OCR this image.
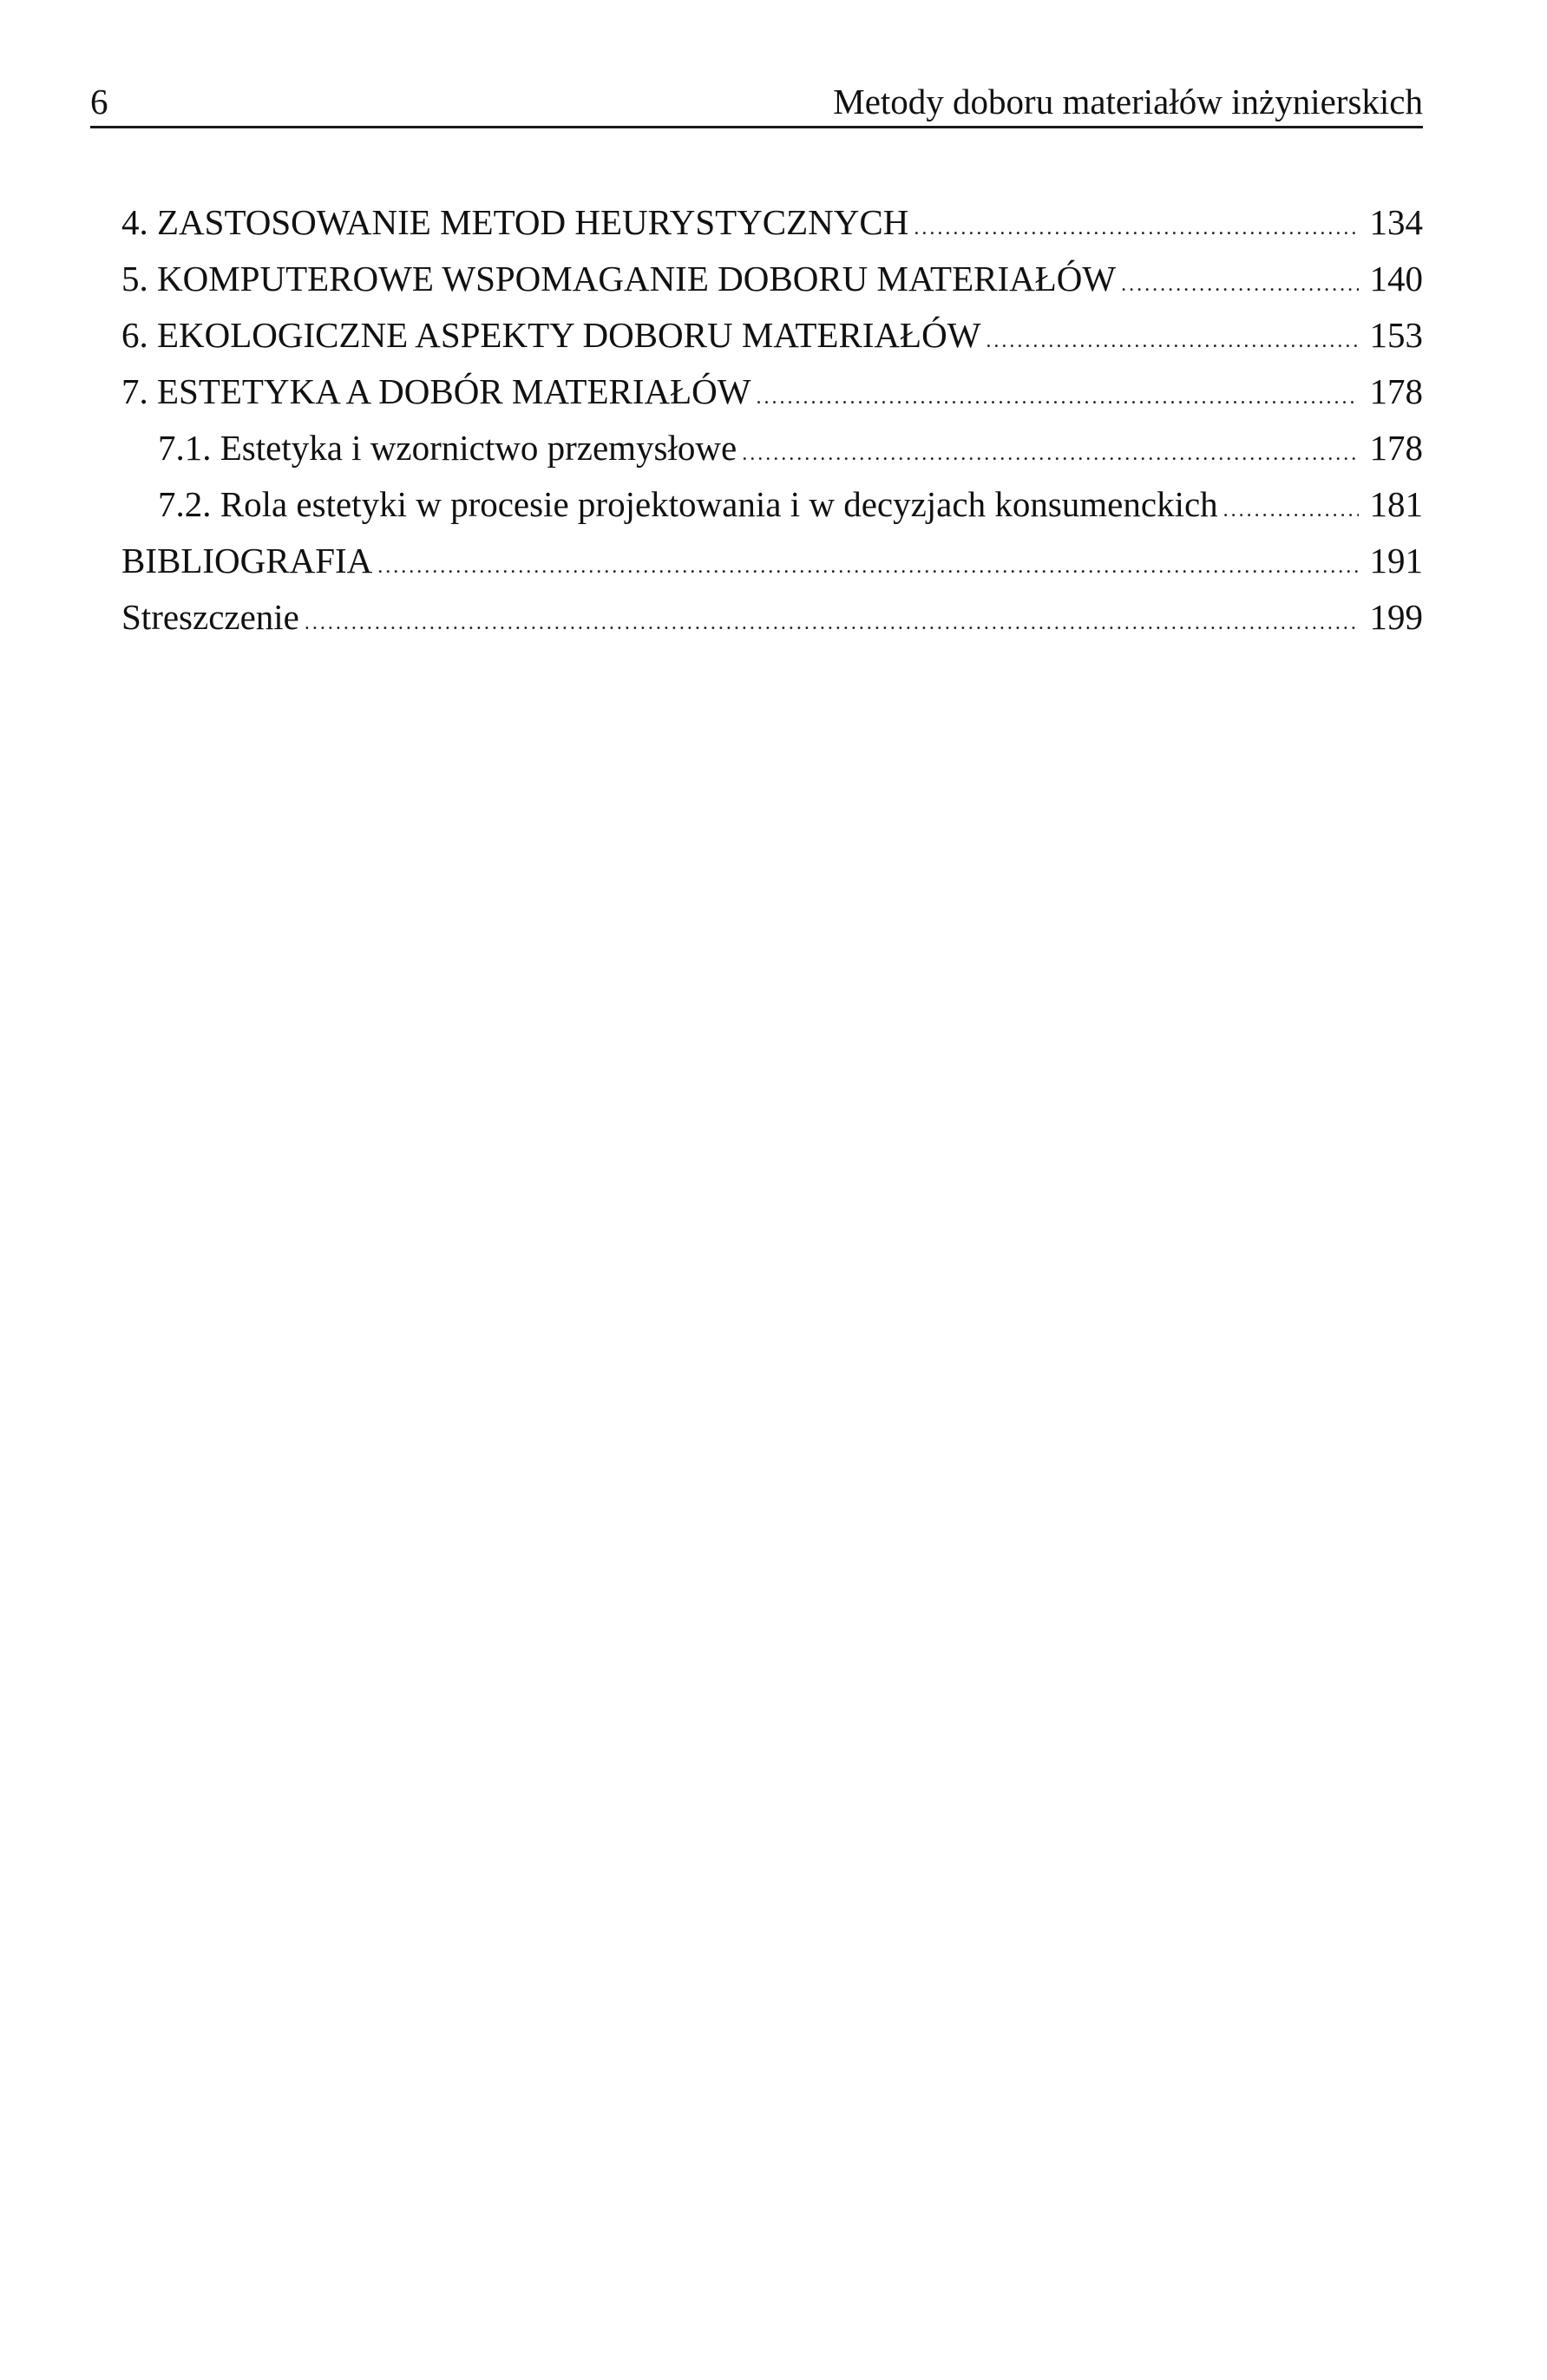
6	Metody doboru materiałów inżynierskich
4. ZASTOSOWANIE METOD HEURYSTYCZNYCH .....	134
5. KOMPUTEROWE WSPOMAGANIE DOBORU MATERIAŁÓW .....	140
6. EKOLOGICZNE ASPEKTY DOBORU MATERIAŁÓW .....	153
7. ESTETYKA A DOBÓR MATERIAŁÓW .....	178
7.1. Estetyka i wzornictwo przemysłowe .....	178
7.2. Rola estetyki w procesie projektowania i w decyzjach konsumenckich .....	181
BIBLIOGRAFIA .....	191
Streszczenie .....	199
